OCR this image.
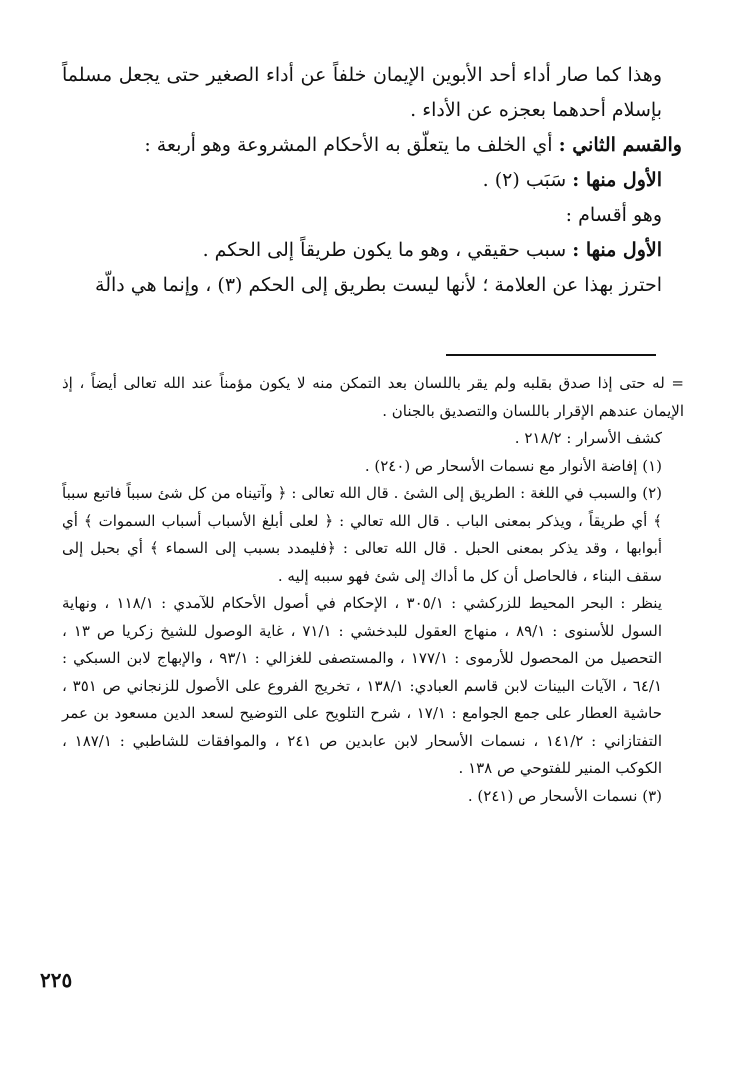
وهذا كما صار أداء أحد الأبوين الإيمان خلفاً عن أداء الصغير حتى يجعل مسلماً بإسلام أحدهما بعجزه عن الأداء .

والقسم الثاني : أي الخلف ما يتعلّق به الأحكام المشروعة وهو أربعة :

الأول منها : سَبَب (٢) .

وهو أقسام :

الأول منها : سبب حقيقي ، وهو ما يكون طريقاً إلى الحكم .

احترز بهذا عن العلامة ؛ لأنها ليست بطريق إلى الحكم (٣) ، وإنما هي دالّة

= له حتى إذا صدق بقلبه ولم يقر باللسان بعد التمكن منه لا يكون مؤمناً عند الله تعالى أيضاً ، إذ الإيمان عندهم الإقرار باللسان والتصديق بالجنان .

كشف الأسرار : ٢١٨/٢ .

(١) إفاضة الأنوار مع نسمات الأسحار ص (٢٤٠) .

(٢) والسبب في اللغة : الطريق إلى الشئ . قال الله تعالى : ﴿ وآتيناه من كل شئ سبباً فاتبع سبباً ﴾ أي طريقاً ، ويذكر بمعنى الباب . قال الله تعالي : ﴿ لعلى أبلغ الأسباب أسباب السموات ﴾ أي أبوابها ، وقد يذكر بمعنى الحبل . قال الله تعالى : ﴿فليمدد بسبب إلى السماء ﴾ أي بحبل إلى سقف البناء ، فالحاصل أن كل ما أداك إلى شئ فهو سببه إليه .

ينظر : البحر المحيط للزركشي : ٣٠٥/١ ، الإحكام في أصول الأحكام للآمدي : ١١٨/١ ، ونهاية السول للأسنوى : ٨٩/١ ، منهاج العقول للبدخشي : ٧١/١ ، غاية الوصول للشيخ زكريا ص ١٣ ، التحصيل من المحصول للأرموى : ١٧٧/١ ، والمستصفى للغزالي : ٩٣/١ ، والإبهاج لابن السبكي : ٦٤/١ ، الآيات البينات لابن قاسم العبادي: ١٣٨/١ ، تخريج الفروع على الأصول للزنجاني ص ٣٥١ ، حاشية العطار على جمع الجوامع : ١٧/١ ، شرح التلويح على التوضيح لسعد الدين مسعود بن عمر التفتازاني : ١٤١/٢ ، نسمات الأسحار لابن عابدين ص ٢٤١ ، والموافقات للشاطبي : ١٨٧/١ ، الكوكب المنير للفتوحي ص ١٣٨ .

(٣) نسمات الأسحار ص (٢٤١) .

٢٢٥
